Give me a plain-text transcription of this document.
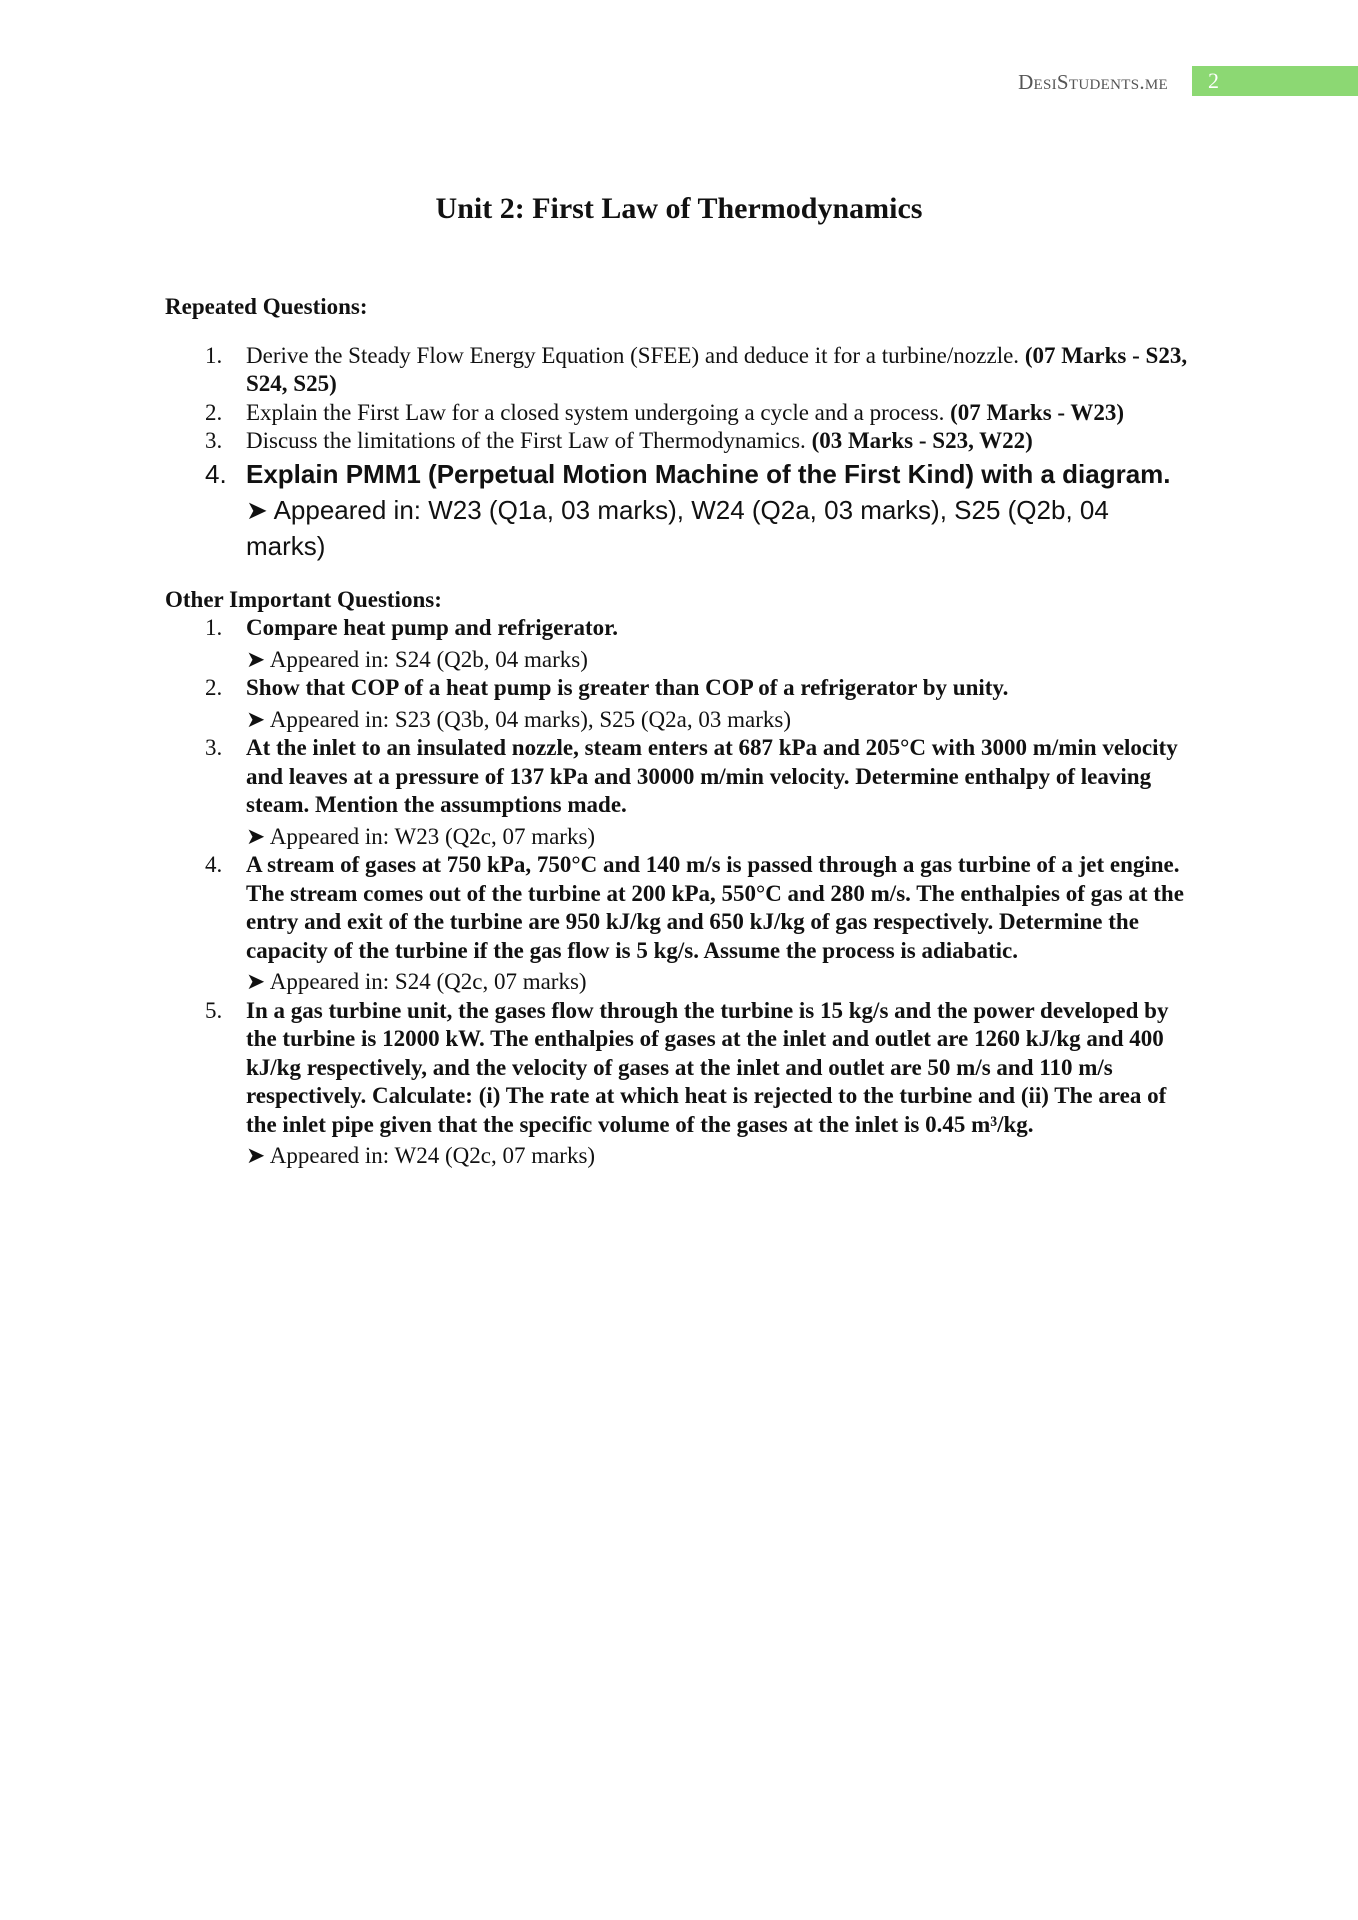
DesiStudents.me	2
Unit 2: First Law of Thermodynamics

Repeated Questions:

1. Derive the Steady Flow Energy Equation (SFEE) and deduce it for a turbine/nozzle. (07 Marks - S23, S24, S25)
2. Explain the First Law for a closed system undergoing a cycle and a process. (07 Marks - W23)
3. Discuss the limitations of the First Law of Thermodynamics. (03 Marks - S23, W22)
4. Explain PMM1 (Perpetual Motion Machine of the First Kind) with a diagram.
➤ Appeared in: W23 (Q1a, 03 marks), W24 (Q2a, 03 marks), S25 (Q2b, 04 marks)

Other Important Questions:

1. Compare heat pump and refrigerator.
➤ Appeared in: S24 (Q2b, 04 marks)
2. Show that COP of a heat pump is greater than COP of a refrigerator by unity.
➤ Appeared in: S23 (Q3b, 04 marks), S25 (Q2a, 03 marks)
3. At the inlet to an insulated nozzle, steam enters at 687 kPa and 205°C with 3000 m/min velocity and leaves at a pressure of 137 kPa and 30000 m/min velocity. Determine enthalpy of leaving steam. Mention the assumptions made.
➤ Appeared in: W23 (Q2c, 07 marks)
4. A stream of gases at 750 kPa, 750°C and 140 m/s is passed through a gas turbine of a jet engine. The stream comes out of the turbine at 200 kPa, 550°C and 280 m/s. The enthalpies of gas at the entry and exit of the turbine are 950 kJ/kg and 650 kJ/kg of gas respectively. Determine the capacity of the turbine if the gas flow is 5 kg/s. Assume the process is adiabatic.
➤ Appeared in: S24 (Q2c, 07 marks)
5. In a gas turbine unit, the gases flow through the turbine is 15 kg/s and the power developed by the turbine is 12000 kW. The enthalpies of gases at the inlet and outlet are 1260 kJ/kg and 400 kJ/kg respectively, and the velocity of gases at the inlet and outlet are 50 m/s and 110 m/s respectively. Calculate: (i) The rate at which heat is rejected to the turbine and (ii) The area of the inlet pipe given that the specific volume of the gases at the inlet is 0.45 m³/kg.
➤ Appeared in: W24 (Q2c, 07 marks)
